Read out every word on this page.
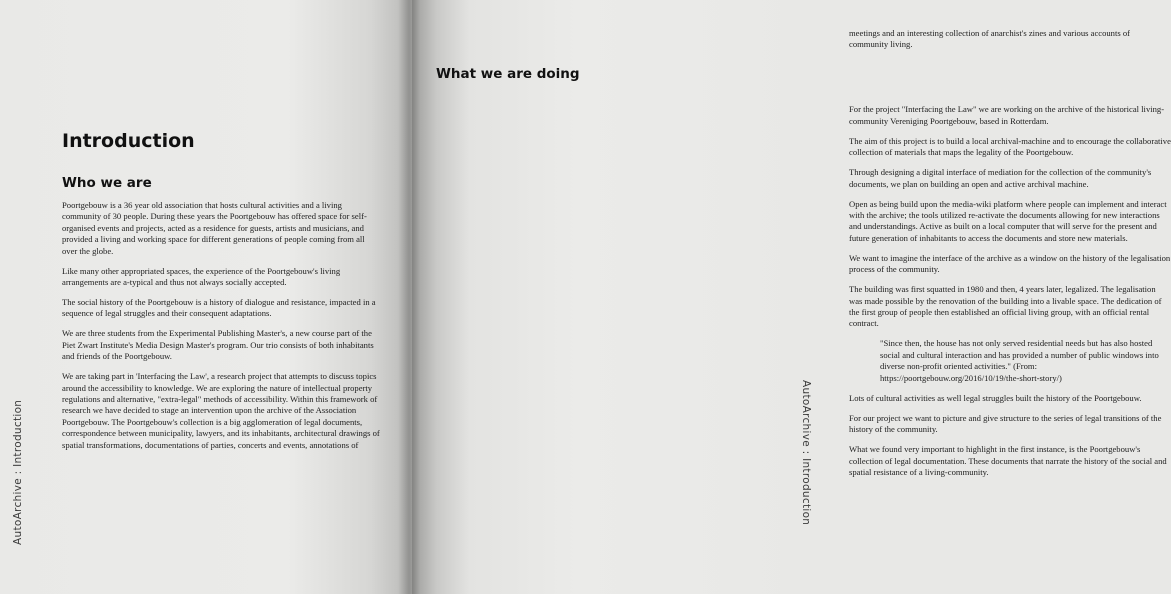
AutoArchive : Introduction
Introduction
Who we are

Poortgebouw is a 36 year old association that hosts cultural activities and a living community of 30 people. During these years the Poortgebouw has offered space for self-organised events and projects, acted as a residence for guests, artists and musicians, and provided a living and working space for different generations of people coming from all over the globe.

Like many other appropriated spaces, the experience of the Poortgebouw's living arrangements are a-typical and thus not always socially accepted.

The social history of the Poortgebouw is a history of dialogue and resistance, impacted in a sequence of legal struggles and their consequent adaptations.

We are three students from the Experimental Publishing Master's, a new course part of the Piet Zwart Institute's Media Design Master's program. Our trio consists of both inhabitants and friends of the Poortgebouw.

We are taking part in 'Interfacing the Law', a research project that attempts to discuss topics around the accessibility to knowledge. We are exploring the nature of intellectual property regulations and alternative, "extra-legal" methods of accessibility. Within this framework of research we have decided to stage an intervention upon the archive of the Association Poortgebouw. The Poortgebouw's collection is a big agglomeration of legal documents, correspondence between municipality, lawyers, and its inhabitants, architectural drawings of spatial transformations, documentations of parties, concerts and events, annotations of

meetings and an interesting collection of anarchist's zines and various accounts of community living.

For the project "Interfacing the Law" we are working on the archive of the historical living-community Vereniging Poortgebouw, based in Rotterdam.

The aim of this project is to build a local archival-machine and to encourage the collaborative collection of materials that maps the legality of the Poortgebouw.

Through designing a digital interface of mediation for the collection of the community's documents, we plan on building an open and active archival machine.

Open as being build upon the media-wiki platform where people can implement and interact with the archive; the tools utilized re-activate the documents allowing for new interactions and understandings. Active as built on a local computer that will serve for the present and future generation of inhabitants to access the documents and store new materials.

We want to imagine the interface of the archive as a window on the history of the legalisation process of the community.

The building was first squatted in 1980 and then, 4 years later, legalized. The legalisation was made possible by the renovation of the building into a livable space. The dedication of the first group of people then established an official living group, with an official rental contract.

"Since then, the house has not only served residential needs but has also hosted social and cultural interaction and has provided a number of public windows into diverse non-profit oriented activities." (From: https://poortgebouw.org/2016/10/19/the-short-story/)

Lots of cultural activities as well legal struggles built the history of the Poortgebouw.

For our project we want to picture and give structure to the series of legal transitions of the history of the community.

What we found very important to highlight in the first instance, is the Poortgebouw's collection of legal documentation. These documents that narrate the history of the social and spatial resistance of a living-community.

What we are doing
AutoArchive : Introduction
